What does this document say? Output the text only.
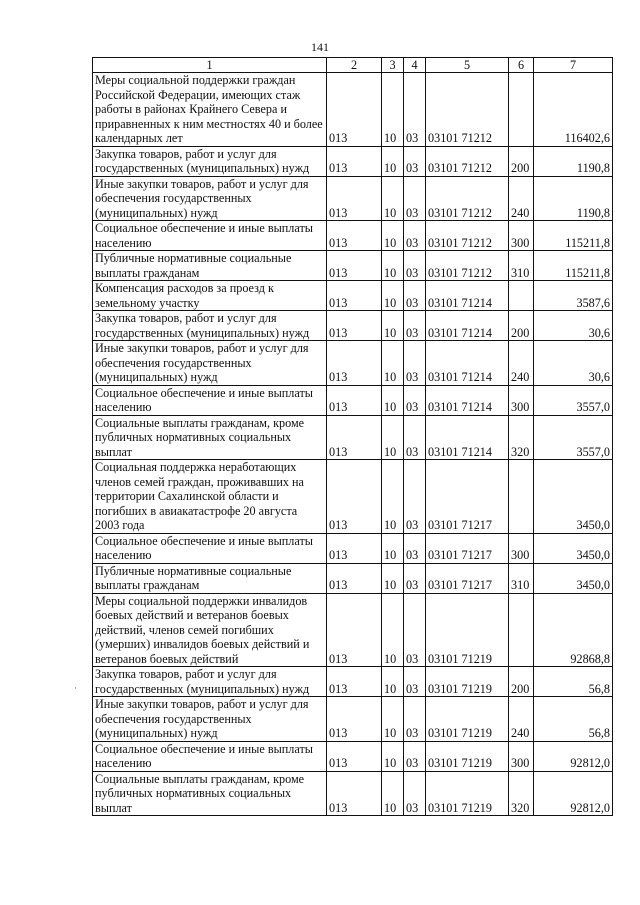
141
1	2	3	4	5	6	7
Меры социальной поддержки граждан Российской Федерации, имеющих стаж работы в районах Крайнего Севера и приравненных к ним местностях 40 и более календарных лет	013	10	03	03101 71212		116402,6
Закупка товаров, работ и услуг для государственных (муниципальных) нужд	013	10	03	03101 71212	200	1190,8
Иные закупки товаров, работ и услуг для обеспечения государственных (муниципальных) нужд	013	10	03	03101 71212	240	1190,8
Социальное обеспечение и иные выплаты населению	013	10	03	03101 71212	300	115211,8
Публичные нормативные социальные выплаты гражданам	013	10	03	03101 71212	310	115211,8
Компенсация расходов за проезд к земельному участку	013	10	03	03101 71214		3587,6
Закупка товаров, работ и услуг для государственных (муниципальных) нужд	013	10	03	03101 71214	200	30,6
Иные закупки товаров, работ и услуг для обеспечения государственных (муниципальных) нужд	013	10	03	03101 71214	240	30,6
Социальное обеспечение и иные выплаты населению	013	10	03	03101 71214	300	3557,0
Социальные выплаты гражданам, кроме публичных нормативных социальных выплат	013	10	03	03101 71214	320	3557,0
Социальная поддержка неработающих членов семей граждан, проживавших на территории Сахалинской области и погибших в авиакатастрофе 20 августа 2003 года	013	10	03	03101 71217		3450,0
Социальное обеспечение и иные выплаты населению	013	10	03	03101 71217	300	3450,0
Публичные нормативные социальные выплаты гражданам	013	10	03	03101 71217	310	3450,0
Меры социальной поддержки инвалидов боевых действий и ветеранов боевых действий, членов семей погибших (умерших) инвалидов боевых действий и ветеранов боевых действий	013	10	03	03101 71219		92868,8
Закупка товаров, работ и услуг для государственных (муниципальных) нужд	013	10	03	03101 71219	200	56,8
Иные закупки товаров, работ и услуг для обеспечения государственных (муниципальных) нужд	013	10	03	03101 71219	240	56,8
Социальное обеспечение и иные выплаты населению	013	10	03	03101 71219	300	92812,0
Социальные выплаты гражданам, кроме публичных нормативных социальных выплат	013	10	03	03101 71219	320	92812,0
·
